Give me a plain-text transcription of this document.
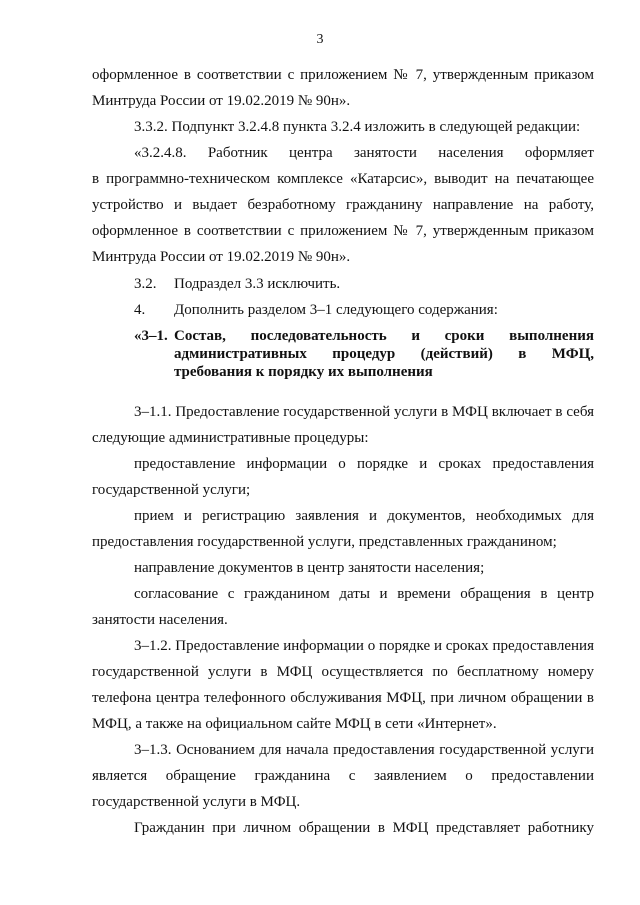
3

оформленное в соответствии с приложением № 7, утвержденным приказом

Минтруда России от 19.02.2019 № 90н».

3.3.2. Подпункт 3.2.4.8 пункта 3.2.4 изложить в следующей редакции:

«3.2.4.8. Работник центра занятости населения оформляет

в программно-техническом комплексе «Катарсис», выводит на печатающее

устройство и выдает безработному гражданину направление на работу,

оформленное в соответствии с приложением № 7, утвержденным приказом

Минтруда России от 19.02.2019 № 90н».

3.2.	Подраздел 3.3 исключить.
4.	Дополнить разделом 3–1 следующего содержания:
«3–1. Состав, последовательность и сроки выполнения
административных процедур (действий) в МФЦ,
требования к порядку их выполнения

3–1.1. Предоставление государственной услуги в МФЦ включает в себя

следующие административные процедуры:

предоставление информации о порядке и сроках предоставления

государственной услуги;

прием и регистрацию заявления и документов, необходимых для

предоставления государственной услуги, представленных гражданином;

направление документов в центр занятости населения;

согласование с гражданином даты и времени обращения в центр

занятости населения.

3–1.2. Предоставление информации о порядке и сроках предоставления

государственной услуги в МФЦ осуществляется по бесплатному номеру

телефона центра телефонного обслуживания МФЦ, при личном обращении в

МФЦ, а также на официальном сайте МФЦ в сети «Интернет».

3–1.3. Основанием для начала предоставления государственной услуги

является обращение гражданина с заявлением о предоставлении

государственной услуги в МФЦ.

Гражданин при личном обращении в МФЦ представляет работнику
